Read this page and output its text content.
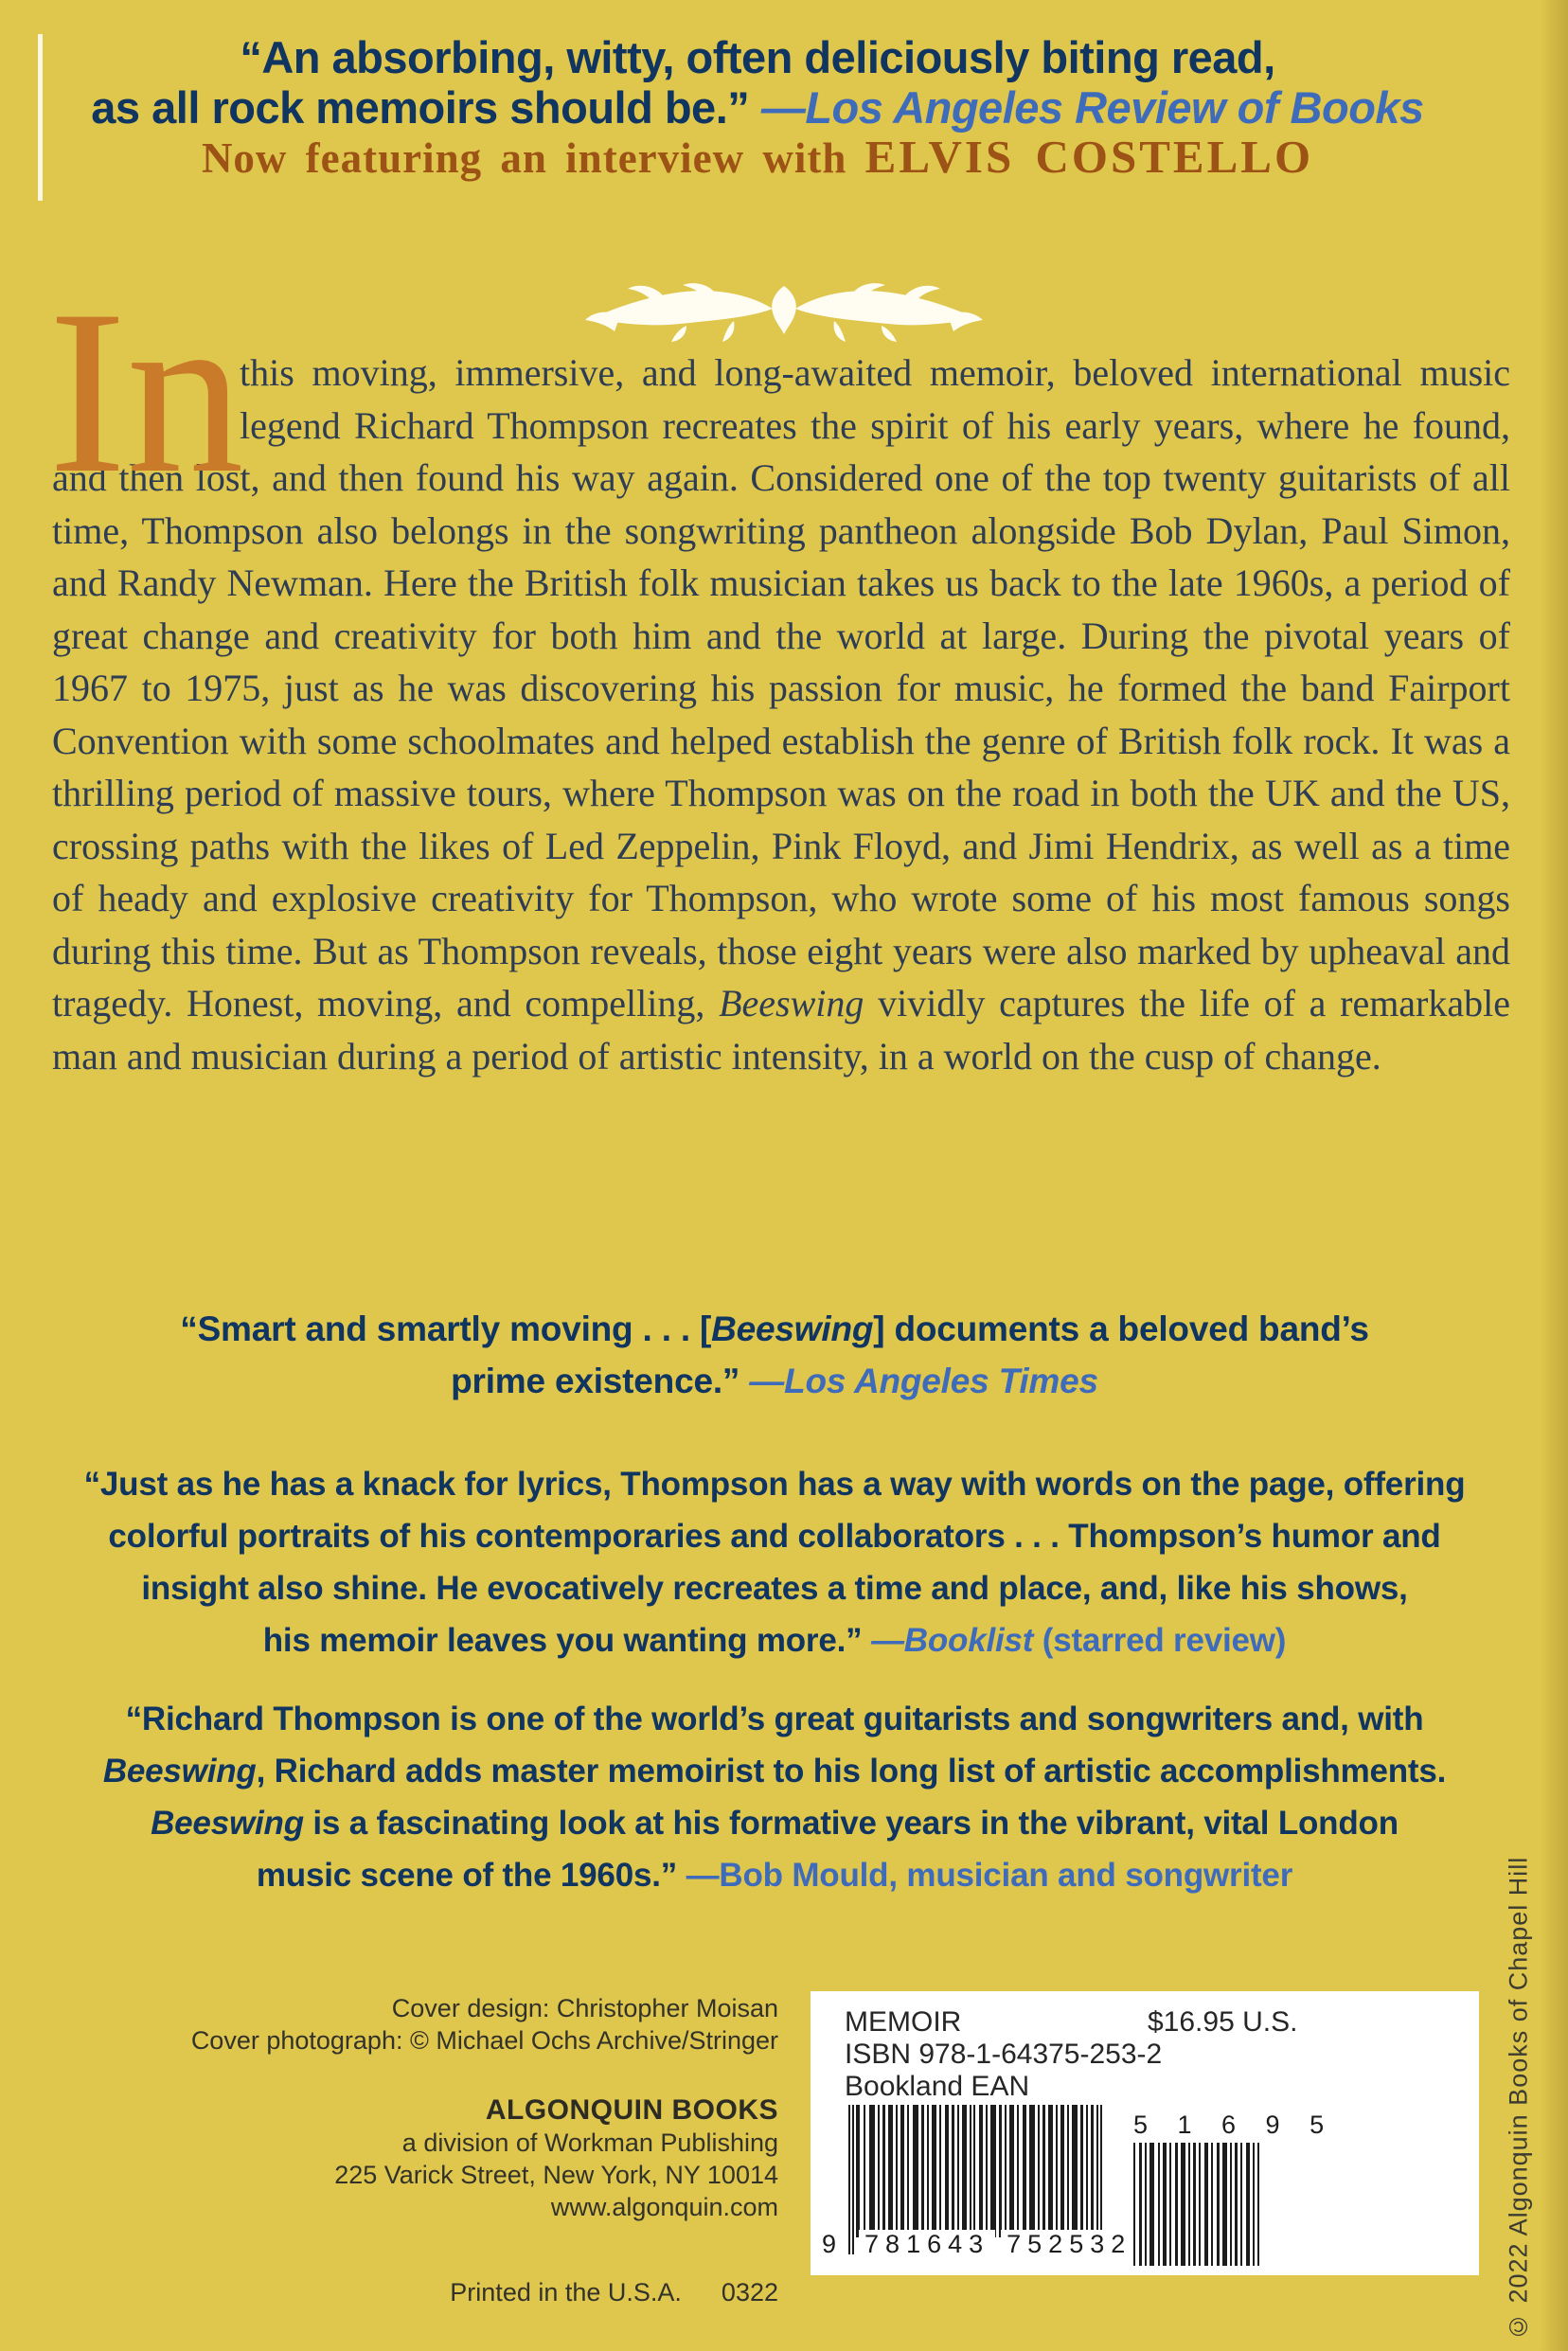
“An absorbing, witty, often deliciously biting read,
as all rock memoirs should be.” —Los Angeles Review of Books
Now featuring an interview with ELVIS COSTELLO
In
this moving, immersive, and long-awaited memoir, beloved international music legend Richard Thompson recreates the spirit of his early years, where he found, and then lost, and then found his way again. Considered one of the top twenty guitarists of all time, Thompson also belongs in the songwriting pantheon alongside Bob Dylan, Paul Simon, and Randy Newman. Here the British folk musician takes us back to the late 1960s, a period of great change and creativity for both him and the world at large. During the pivotal years of 1967 to 1975, just as he was discovering his passion for music, he formed the band Fairport Convention with some schoolmates and helped establish the genre of British folk rock. It was a thrilling period of massive tours, where Thompson was on the road in both the UK and the US, crossing paths with the likes of Led Zeppelin, Pink Floyd, and Jimi Hendrix, as well as a time of heady and explosive creativity for Thompson, who wrote some of his most famous songs during this time. But as Thompson reveals, those eight years were also marked by upheaval and tragedy. Honest, moving, and compelling, Beeswing vividly captures the life of a remarkable man and musician during a period of artistic intensity, in a world on the cusp of change.
“Smart and smartly moving . . . [Beeswing] documents a beloved band’s
prime existence.” —Los Angeles Times
“Just as he has a knack for lyrics, Thompson has a way with words on the page, offering
colorful portraits of his contemporaries and collaborators . . . Thompson’s humor and
insight also shine. He evocatively recreates a time and place, and, like his shows,
his memoir leaves you wanting more.” —Booklist (starred review)
“Richard Thompson is one of the world’s great guitarists and songwriters and, with
Beeswing, Richard adds master memoirist to his long list of artistic accomplishments.
Beeswing is a fascinating look at his formative years in the vibrant, vital London
music scene of the 1960s.” —Bob Mould, musician and songwriter
Cover design: Christopher Moisan
Cover photograph: © Michael Ochs Archive/Stringer
ALGONQUIN BOOKS
a division of Workman Publishing
225 Varick Street, New York, NY 10014
www.algonquin.com

Printed in the U.S.A. 0322

MEMOIR	$16.95 U.S.
ISBN 978-1-64375-253-2
Bookland EAN
9 781643 752532
5 1 6 9 5	© 2022 Algonquin Books of Chapel Hill
